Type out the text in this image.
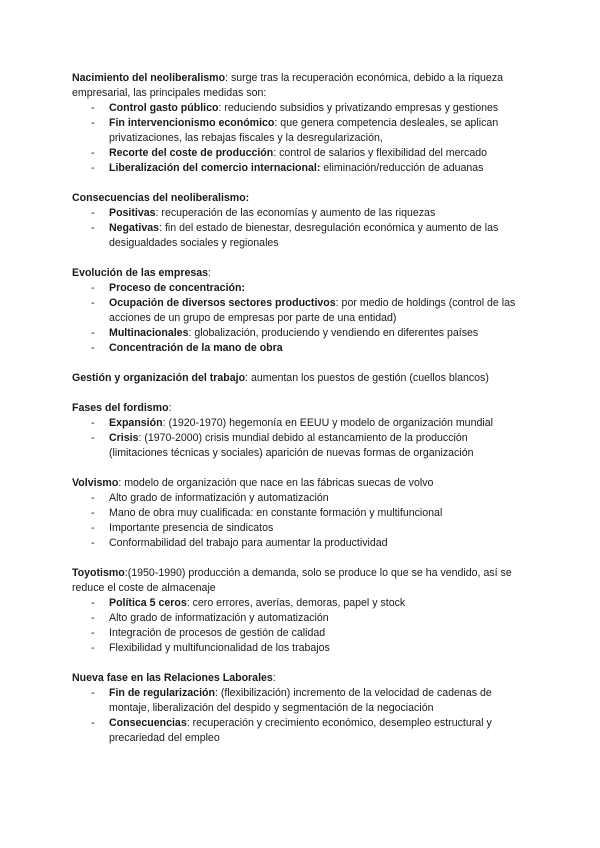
Nacimiento del neoliberalismo: surge tras la recuperación económica, debido a la riqueza empresarial, las principales medidas son:

- Control gasto público: reduciendo subsidios y privatizando empresas y gestiones
- Fin intervencionismo económico: que genera competencia desleales, se aplican privatizaciones, las rebajas fiscales y la desregularización,
- Recorte del coste de producción: control de salarios y flexibilidad del mercado
- Liberalización del comercio internacional: eliminación/reducción de aduanas

Consecuencias del neoliberalismo:

- Positivas: recuperación de las economías y aumento de las riquezas
- Negativas: fin del estado de bienestar, desregulación económica y aumento de las desigualdades sociales y regionales

Evolución de las empresas:

- Proceso de concentración:
- Ocupación de diversos sectores productivos: por medio de holdings (control de las acciones de un grupo de empresas por parte de una entidad)
- Multinacionales: globalización, produciendo y vendiendo en diferentes países
- Concentración de la mano de obra

Gestión y organización del trabajo: aumentan los puestos de gestión (cuellos blancos)

Fases del fordismo:

- Expansión: (1920-1970) hegemonía en EEUU y modelo de organización mundial
- Crisis: (1970-2000) crisis mundial debido al estancamiento de la producción (limitaciones técnicas y sociales) aparición de nuevas formas de organización

Volvismo: modelo de organización que nace en las fábricas suecas de volvo

- Alto grado de informatización y automatización
- Mano de obra muy cualificada: en constante formación y multifuncional
- Importante presencia de sindicatos
- Conformabilidad del trabajo para aumentar la productividad

Toyotismo:(1950-1990) producción a demanda, solo se produce lo que se ha vendido, así se reduce el coste de almacenaje

- Política 5 ceros: cero errores, averías, demoras, papel y stock
- Alto grado de informatización y automatización
- Integración de procesos de gestión de calidad
- Flexibilidad y multifuncionalidad de los trabajos

Nueva fase en las Relaciones Laborales:

- Fin de regularización: (flexibilización) incremento de la velocidad de cadenas de montaje, liberalización del despido y segmentación de la negociación
- Consecuencias: recuperación y crecimiento económico, desempleo estructural y precariedad del empleo
